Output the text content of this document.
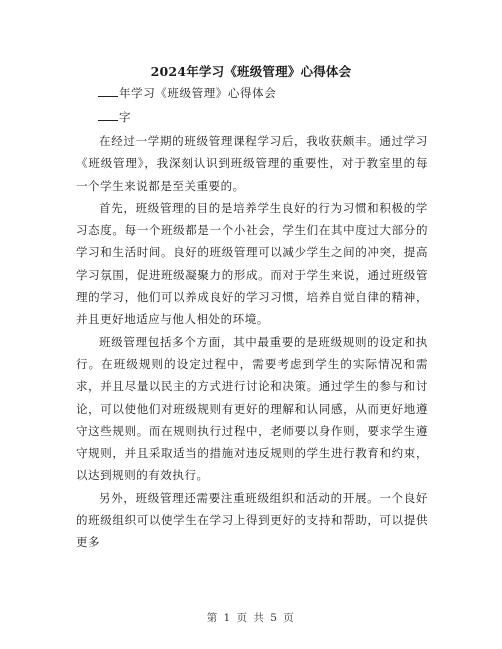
2024年学习《班级管理》心得体会
年学习《班级管理》心得体会
字

在经过一学期的班级管理课程学习后，我收获颇丰。通过学习《班级管理》，我深刻认识到班级管理的重要性，对于教室里的每一个学生来说都是至关重要的。

首先，班级管理的目的是培养学生良好的行为习惯和积极的学习态度。每一个班级都是一个小社会，学生们在其中度过大部分的学习和生活时间。良好的班级管理可以减少学生之间的冲突，提高学习氛围，促进班级凝聚力的形成。而对于学生来说，通过班级管理的学习，他们可以养成良好的学习习惯，培养自觉自律的精神，并且更好地适应与他人相处的环境。

班级管理包括多个方面，其中最重要的是班级规则的设定和执行。在班级规则的设定过程中，需要考虑到学生的实际情况和需求，并且尽量以民主的方式进行讨论和决策。通过学生的参与和讨论，可以使他们对班级规则有更好的理解和认同感，从而更好地遵守这些规则。而在规则执行过程中，老师要以身作则，要求学生遵守规则，并且采取适当的措施对违反规则的学生进行教育和约束，以达到规则的有效执行。

另外，班级管理还需要注重班级组织和活动的开展。一个良好的班级组织可以使学生在学习上得到更好的支持和帮助，可以提供更多

第 1 页 共 5 页
